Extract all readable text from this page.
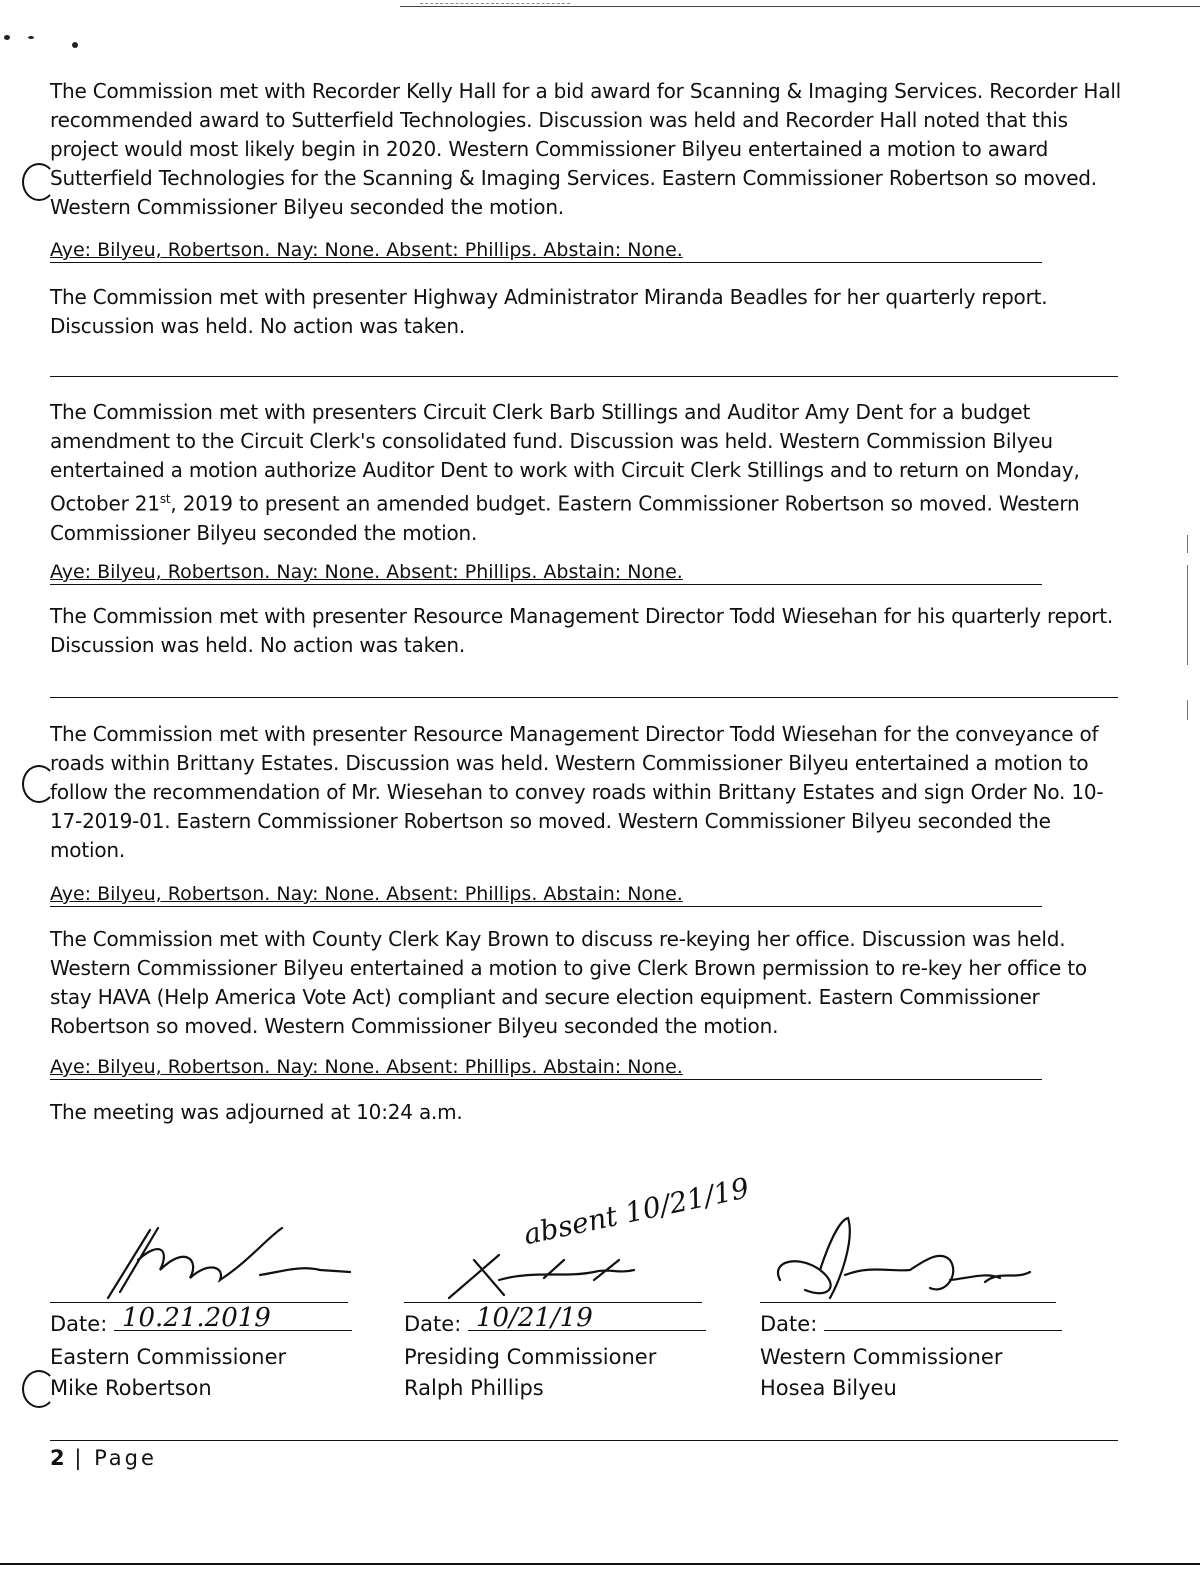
The Commission met with Recorder Kelly Hall for a bid award for Scanning & Imaging Services. Recorder Hall recommended award to Sutterfield Technologies. Discussion was held and Recorder Hall noted that this project would most likely begin in 2020. Western Commissioner Bilyeu entertained a motion to award Sutterfield Technologies for the Scanning & Imaging Services. Eastern Commissioner Robertson so moved. Western Commissioner Bilyeu seconded the motion.

Aye: Bilyeu, Robertson. Nay: None. Absent: Phillips. Abstain: None.

The Commission met with presenter Highway Administrator Miranda Beadles for her quarterly report. Discussion was held. No action was taken.

The Commission met with presenters Circuit Clerk Barb Stillings and Auditor Amy Dent for a budget amendment to the Circuit Clerk's consolidated fund. Discussion was held. Western Commission Bilyeu entertained a motion authorize Auditor Dent to work with Circuit Clerk Stillings and to return on Monday, October 21st, 2019 to present an amended budget. Eastern Commissioner Robertson so moved. Western Commissioner Bilyeu seconded the motion.

Aye: Bilyeu, Robertson. Nay: None. Absent: Phillips. Abstain: None.

The Commission met with presenter Resource Management Director Todd Wiesehan for his quarterly report. Discussion was held. No action was taken.

The Commission met with presenter Resource Management Director Todd Wiesehan for the conveyance of roads within Brittany Estates. Discussion was held. Western Commissioner Bilyeu entertained a motion to follow the recommendation of Mr. Wiesehan to convey roads within Brittany Estates and sign Order No. 10-17-2019-01. Eastern Commissioner Robertson so moved. Western Commissioner Bilyeu seconded the motion.

Aye: Bilyeu, Robertson. Nay: None. Absent: Phillips. Abstain: None.

The Commission met with County Clerk Kay Brown to discuss re-keying her office. Discussion was held. Western Commissioner Bilyeu entertained a motion to give Clerk Brown permission to re-key her office to stay HAVA (Help America Vote Act) compliant and secure election equipment. Eastern Commissioner Robertson so moved. Western Commissioner Bilyeu seconded the motion.

Aye: Bilyeu, Robertson. Nay: None. Absent: Phillips. Abstain: None.

The meeting was adjourned at 10:24 a.m.

Date: 10.21.2019
Eastern Commissioner
Mike Robertson
absent 10/21/19
Date: 10/21/19
Presiding Commissioner
Ralph Phillips
Date:
Western Commissioner
Hosea Bilyeu
2 | Page
